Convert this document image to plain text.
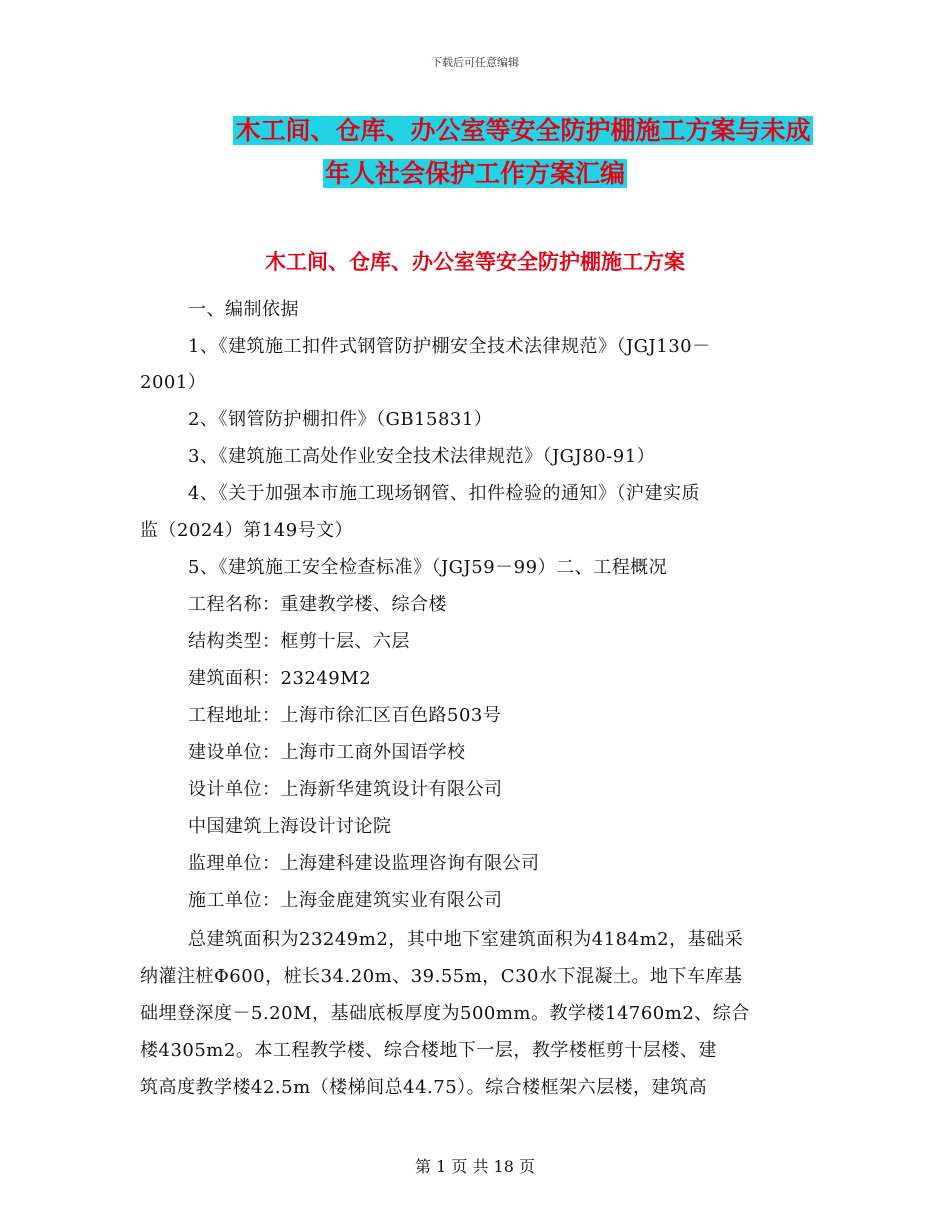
下载后可任意编辑
木工间、仓库、办公室等安全防护棚施工方案与未成
年人社会保护工作方案汇编
木工间、仓库、办公室等安全防护棚施工方案
一、编制依据
1、《建筑施工扣件式钢管防护棚安全技术法律规范》（JGJ130－
2001）
2、《钢管防护棚扣件》（GB15831）
3、《建筑施工高处作业安全技术法律规范》（JGJ80-91）
4、《关于加强本市施工现场钢管、扣件检验的通知》（沪建实质
监（2024）第149号文）
5、《建筑施工安全检查标准》（JGJ59－99）二、工程概况
工程名称：重建教学楼、综合楼
结构类型：框剪十层、六层
建筑面积：23249M2
工程地址：上海市徐汇区百色路503号
建设单位：上海市工商外国语学校
设计单位：上海新华建筑设计有限公司
中国建筑上海设计讨论院
监理单位：上海建科建设监理咨询有限公司
施工单位：上海金鹿建筑实业有限公司
总建筑面积为23249m2，其中地下室建筑面积为4184m2，基础采
纳灌注桩Φ600，桩长34.20m、39.55m，C30水下混凝土。地下车库基
础埋登深度－5.20M，基础底板厚度为500mm。教学楼14760m2、综合
楼4305m2。本工程教学楼、综合楼地下一层，教学楼框剪十层楼、建
筑高度教学楼42.5m（楼梯间总44.75）。综合楼框架六层楼，建筑高
第 1 页 共 18 页
